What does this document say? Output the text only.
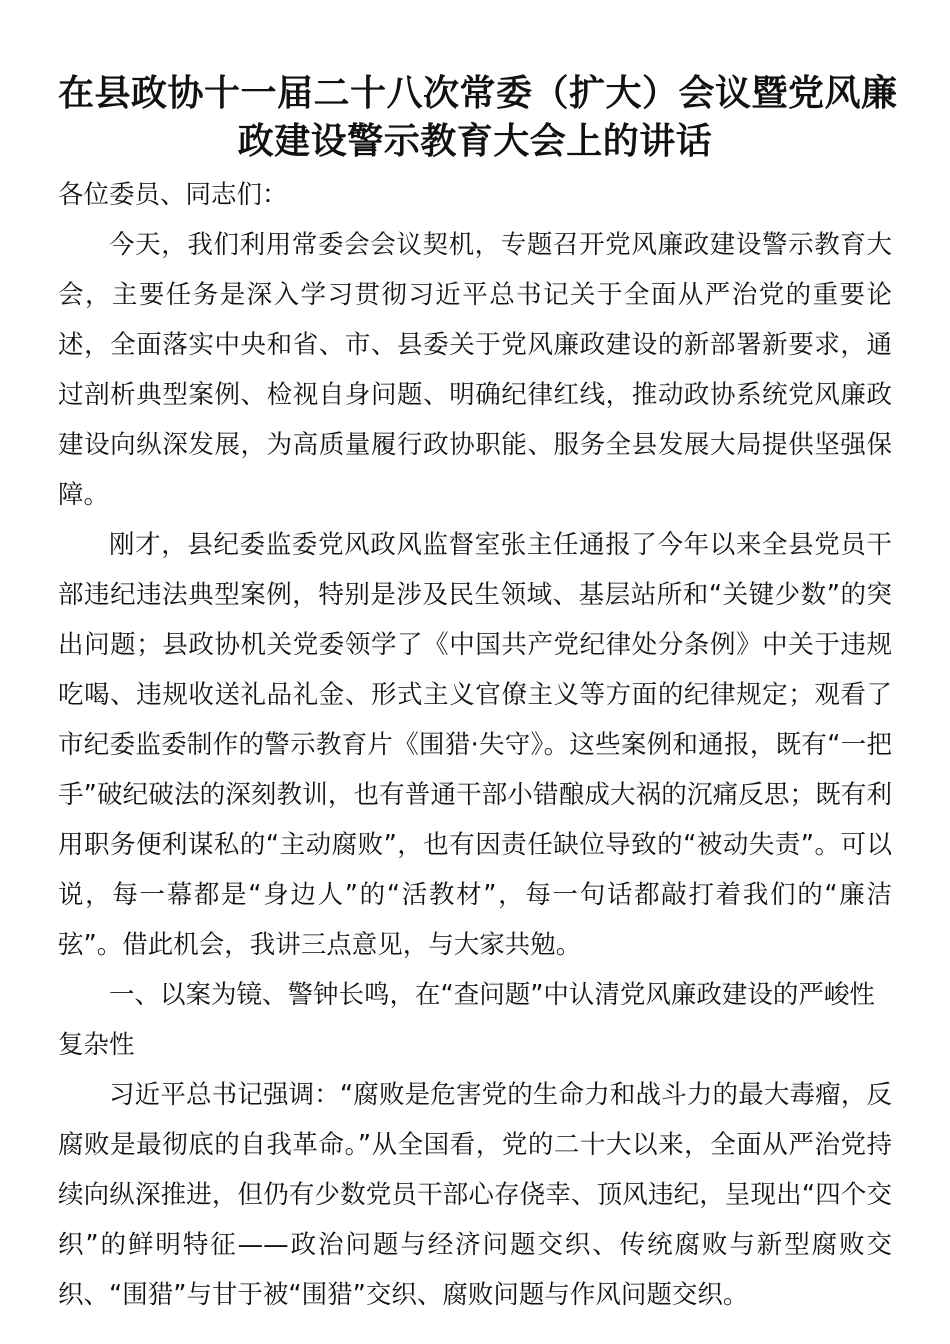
在县政协十一届二十八次常委（扩大）会议暨党风廉
政建设警示教育大会上的讲话

各位委员、同志们：

今天，我们利用常委会会议契机，专题召开党风廉政建设警示教育大会，主要任务是深入学习贯彻习近平总书记关于全面从严治党的重要论述，全面落实中央和省、市、县委关于党风廉政建设的新部署新要求，通过剖析典型案例、检视自身问题、明确纪律红线，推动政协系统党风廉政建设向纵深发展，为高质量履行政协职能、服务全县发展大局提供坚强保障。

刚才，县纪委监委党风政风监督室张主任通报了今年以来全县党员干部违纪违法典型案例，特别是涉及民生领域、基层站所和“关键少数”的突出问题；县政协机关党委领学了《中国共产党纪律处分条例》中关于违规吃喝、违规收送礼品礼金、形式主义官僚主义等方面的纪律规定；观看了市纪委监委制作的警示教育片《围猎·失守》。这些案例和通报，既有“一把手”破纪破法的深刻教训，也有普通干部小错酿成大祸的沉痛反思；既有利用职务便利谋私的“主动腐败”，也有因责任缺位导致的“被动失责”。可以说，每一幕都是“身边人”的“活教材”，每一句话都敲打着我们的“廉洁弦”。借此机会，我讲三点意见，与大家共勉。

一、以案为镜、警钟长鸣，在“查问题”中认清党风廉政建设的严峻性复杂性

习近平总书记强调：“腐败是危害党的生命力和战斗力的最大毒瘤，反腐败是最彻底的自我革命。”从全国看，党的二十大以来，全面从严治党持续向纵深推进，但仍有少数党员干部心存侥幸、顶风违纪，呈现出“四个交织”的鲜明特征——政治问题与经济问题交织、传统腐败与新型腐败交织、“围猎”与甘于被“围猎”交织、腐败问题与作风问题交织。
